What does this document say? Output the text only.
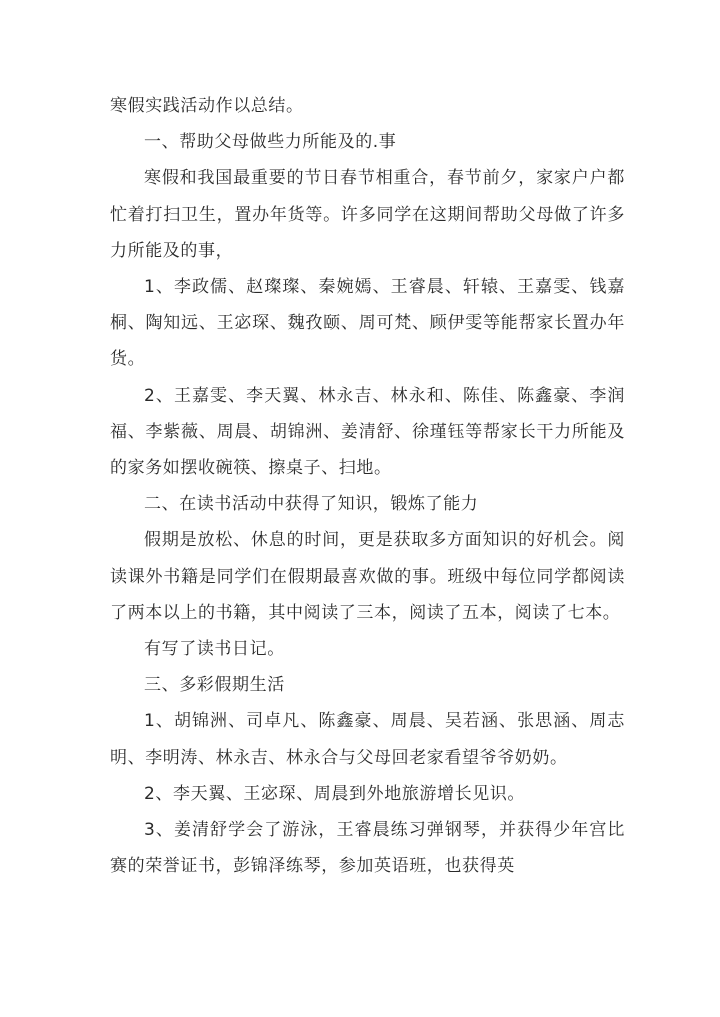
寒假实践活动作以总结。

一、帮助父母做些力所能及的.事

寒假和我国最重要的节日春节相重合，春节前夕，家家户户都忙着打扫卫生，置办年货等。许多同学在这期间帮助父母做了许多力所能及的事，

1、李政儒、赵璨璨、秦婉嫣、王睿晨、轩辕、王嘉雯、钱嘉桐、陶知远、王宓琛、魏孜颐、周可梵、顾伊雯等能帮家长置办年货。

2、王嘉雯、李天翼、林永吉、林永和、陈佳、陈鑫豪、李润福、李紫薇、周晨、胡锦洲、姜清舒、徐瑾钰等帮家长干力所能及的家务如摆收碗筷、擦桌子、扫地。

二、在读书活动中获得了知识，锻炼了能力

假期是放松、休息的时间，更是获取多方面知识的好机会。阅读课外书籍是同学们在假期最喜欢做的事。班级中每位同学都阅读了两本以上的书籍，其中阅读了三本，阅读了五本，阅读了七本。

有写了读书日记。

三、多彩假期生活

1、胡锦洲、司卓凡、陈鑫豪、周晨、吴若涵、张思涵、周志明、李明涛、林永吉、林永合与父母回老家看望爷爷奶奶。

2、李天翼、王宓琛、周晨到外地旅游增长见识。

3、姜清舒学会了游泳，王睿晨练习弹钢琴，并获得少年宫比赛的荣誉证书，彭锦泽练琴，参加英语班，也获得英
